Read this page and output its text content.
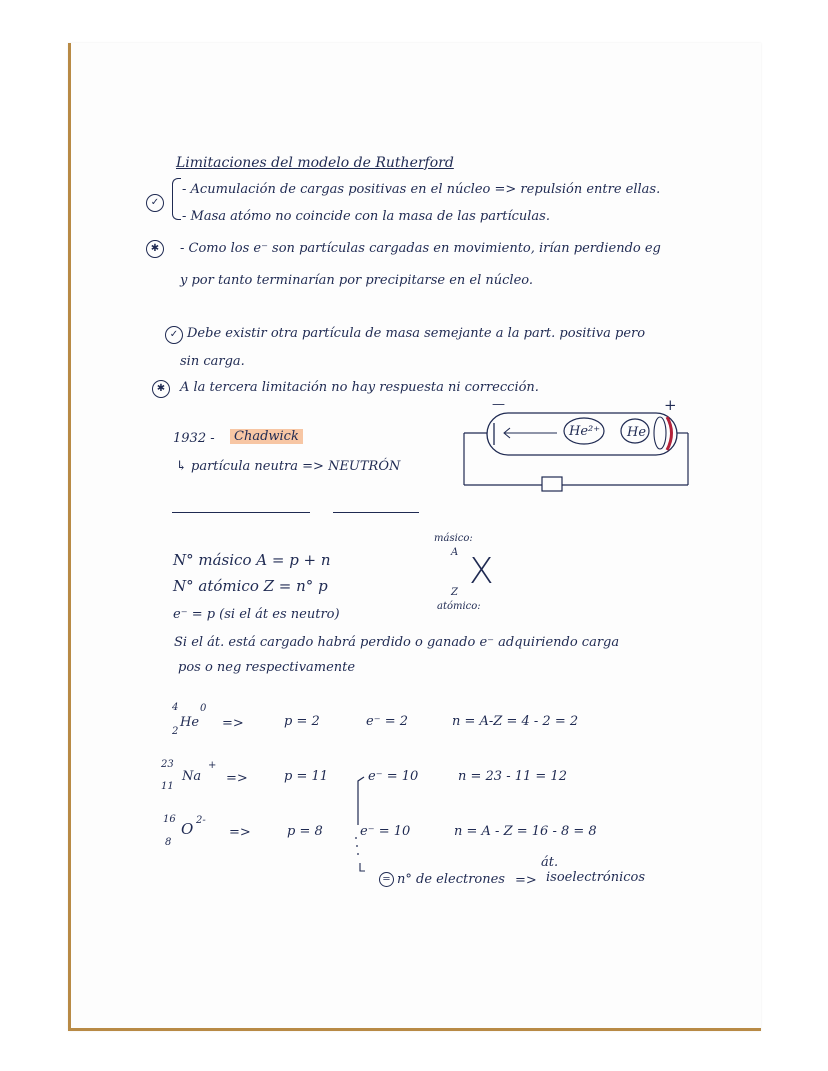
Limitaciones del modelo de Rutherford
✓
- Acumulación de cargas positivas en el núcleo => repulsión entre ellas.
- Masa atómo no coincide con la masa de las partículas.
✱	- Como los e⁻ son partículas cargadas en movimiento, irían perdiendo eg
y por tanto terminarían por precipitarse en el núcleo.
✓ Debe existir otra partícula de masa semejante a la part. positiva pero
sin carga.
✱	A la tercera limitación no hay respuesta ni corrección.
1932 -	Chadwick
↳ partícula neutra => NEUTRÓN
—	+
He²⁺ He
N° másico A = p + n
N° atómico Z = n° p
e⁻ = p (si el át es neutro)
Si el át. está cargado habrá perdido o ganado e⁻ adquiriendo carga
pos o neg respectivamente
másico:
A X
Z
atómico:
4
2
He
0
=>	p = 2	e⁻ = 2	n = A-Z = 4 - 2 = 2
23
11
Na
+
=>	p = 11	e⁻ = 10	n = 23 - 11 = 12
16
8
O 2-
=>	p = 8	e⁻ = 10	n = A - Z = 16 - 8 = 8
= n° de electrones =>
át.
isoelectrónicos
